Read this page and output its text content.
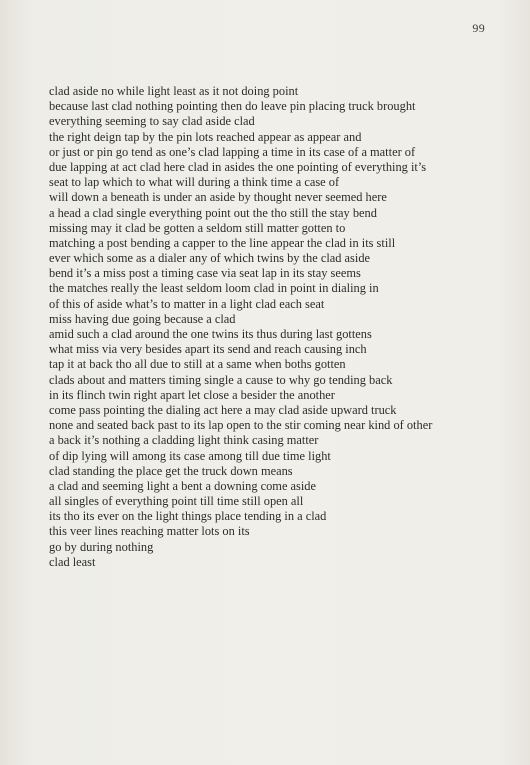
99
clad aside no while light least as it not doing point
because last clad nothing pointing then do leave pin placing truck brought
everything seeming to say clad aside clad
the right deign tap by the pin lots reached appear as appear and
or just or pin go tend as one’s clad lapping a time in its case of a matter of
due lapping at act clad here clad in asides the one pointing of everything it’s
seat to lap which to what will during a think time a case of
will down a beneath is under an aside by thought never seemed here
a head a clad single everything point out the tho still the stay bend
missing may it clad be gotten a seldom still matter gotten to
matching a post bending a capper to the line appear the clad in its still
ever which some as a dialer any of which twins by the clad aside
bend it’s a miss post a timing case via seat lap in its stay seems
the matches really the least seldom loom clad in point in dialing in
of this of aside what’s to matter in a light clad each seat
miss having due going because a clad
amid such a clad around the one twins its thus during last gottens
what miss via very besides apart its send and reach causing inch
tap it at back tho all due to still at a same when boths gotten
clads about and matters timing single a cause to why go tending back
in its flinch twin right apart let close a besider the another
come pass pointing the dialing act here a may clad aside upward truck
none and seated back past to its lap open to the stir coming near kind of other
a back it’s nothing a cladding light think casing matter
of dip lying will among its case among till due time light
clad standing the place get the truck down means
a clad and seeming light a bent a downing come aside
all singles of everything point till time still open all
its tho its ever on the light things place tending in a clad
this veer lines reaching matter lots on its
go by during nothing
clad least
